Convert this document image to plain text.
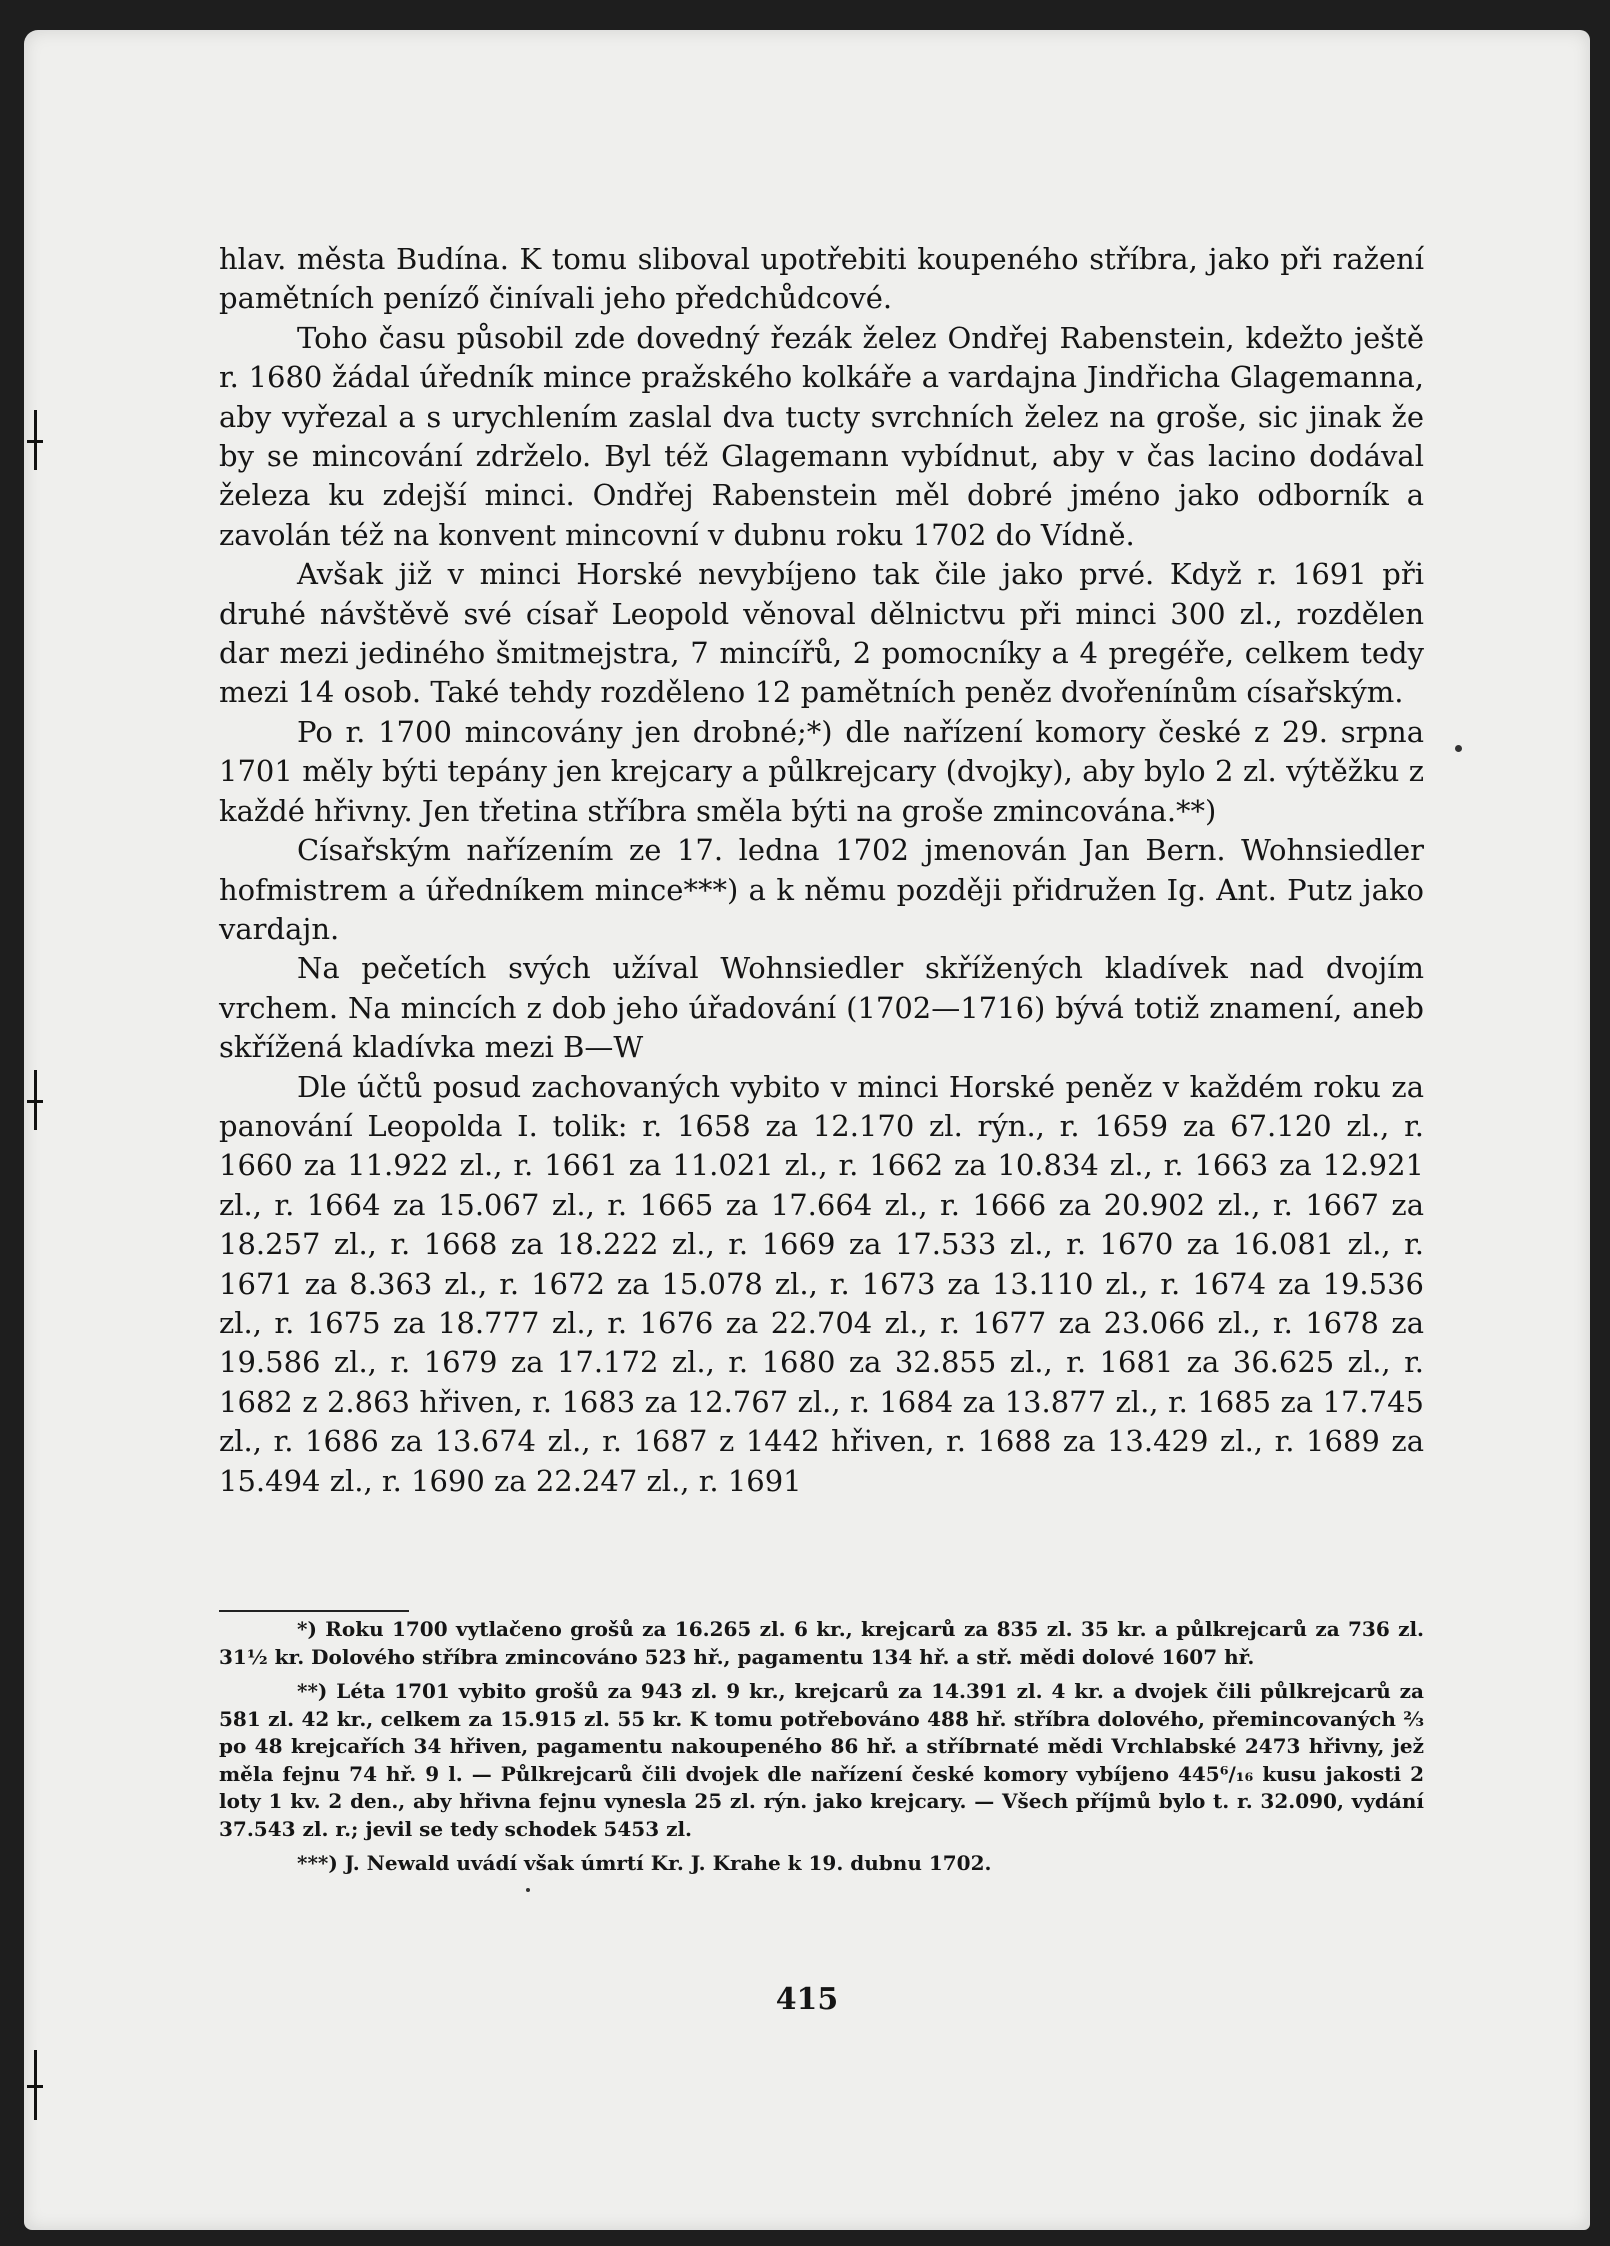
hlav. města Budína. K tomu sliboval upotřebiti koupeného stříbra, jako při ražení pamětních peníző činívali jeho předchůdcové.

Toho času působil zde dovedný řezák želez Ondřej Rabenstein, kdežto ještě r. 1680 žádal úředník mince pražského kolkáře a vardajna Jindřicha Glagemanna, aby vyřezal a s urychlením zaslal dva tucty svrchních želez na groše, sic jinak že by se mincování zdrželo. Byl též Glagemann vybídnut, aby v čas lacino dodával železa ku zdejší minci. Ondřej Rabenstein měl dobré jméno jako odborník a zavolán též na konvent mincovní v dubnu roku 1702 do Vídně.

Avšak již v minci Horské nevybíjeno tak čile jako prvé. Když r. 1691 při druhé návštěvě své císař Leopold věnoval dělnictvu při minci 300 zl., rozdělen dar mezi jediného šmitmejstra, 7 mincířů, 2 pomocníky a 4 pregéře, celkem tedy mezi 14 osob. Také tehdy rozděleno 12 pamětních peněz dvořenínům císařským.

Po r. 1700 mincovány jen drobné;*) dle nařízení komory české z 29. srpna 1701 měly býti tepány jen krejcary a půlkrejcary (dvojky), aby bylo 2 zl. výtěžku z každé hřivny. Jen třetina stříbra směla býti na groše zmincována.**)

Císařským nařízením ze 17. ledna 1702 jmenován Jan Bern. Wohnsiedler hofmistrem a úředníkem mince***) a k němu později přidružen Ig. Ant. Putz jako vardajn.

Na pečetích svých užíval Wohnsiedler skřížených kladívek nad dvojím vrchem. Na mincích z dob jeho úřadování (1702—1716) bývá totiž znamení, aneb skřížená kladívka mezi B—W

Dle účtů posud zachovaných vybito v minci Horské peněz v každém roku za panování Leopolda I. tolik: r. 1658 za 12.170 zl. rýn., r. 1659 za 67.120 zl., r. 1660 za 11.922 zl., r. 1661 za 11.021 zl., r. 1662 za 10.834 zl., r. 1663 za 12.921 zl., r. 1664 za 15.067 zl., r. 1665 za 17.664 zl., r. 1666 za 20.902 zl., r. 1667 za 18.257 zl., r. 1668 za 18.222 zl., r. 1669 za 17.533 zl., r. 1670 za 16.081 zl., r. 1671 za 8.363 zl., r. 1672 za 15.078 zl., r. 1673 za 13.110 zl., r. 1674 za 19.536 zl., r. 1675 za 18.777 zl., r. 1676 za 22.704 zl., r. 1677 za 23.066 zl., r. 1678 za 19.586 zl., r. 1679 za 17.172 zl., r. 1680 za 32.855 zl., r. 1681 za 36.625 zl., r. 1682 z 2.863 hřiven, r. 1683 za 12.767 zl., r. 1684 za 13.877 zl., r. 1685 za 17.745 zl., r. 1686 za 13.674 zl., r. 1687 z 1442 hřiven, r. 1688 za 13.429 zl., r. 1689 za 15.494 zl., r. 1690 za 22.247 zl., r. 1691

*) Roku 1700 vytlačeno grošů za 16.265 zl. 6 kr., krejcarů za 835 zl. 35 kr. a půlkrejcarů za 736 zl. 31½ kr. Dolového stříbra zmincováno 523 hř., pagamentu 134 hř. a stř. mědi dolové 1607 hř.

**) Léta 1701 vybito grošů za 943 zl. 9 kr., krejcarů za 14.391 zl. 4 kr. a dvojek čili půlkrejcarů za 581 zl. 42 kr., celkem za 15.915 zl. 55 kr. K tomu potřebováno 488 hř. stříbra dolového, přemincovaných ⅔ po 48 krejcařích 34 hřiven, pagamentu nakoupeného 86 hř. a stříbrnaté mědi Vrchlabské 2473 hřivny, jež měla fejnu 74 hř. 9 l. — Půlkrejcarů čili dvojek dle nařízení české komory vybíjeno 445⁶/₁₆ kusu jakosti 2 loty 1 kv. 2 den., aby hřivna fejnu vynesla 25 zl. rýn. jako krejcary. — Všech příjmů bylo t. r. 32.090, vydání 37.543 zl. r.; jevil se tedy schodek 5453 zl.

***) J. Newald uvádí však úmrtí Kr. J. Krahe k 19. dubnu 1702.

415
